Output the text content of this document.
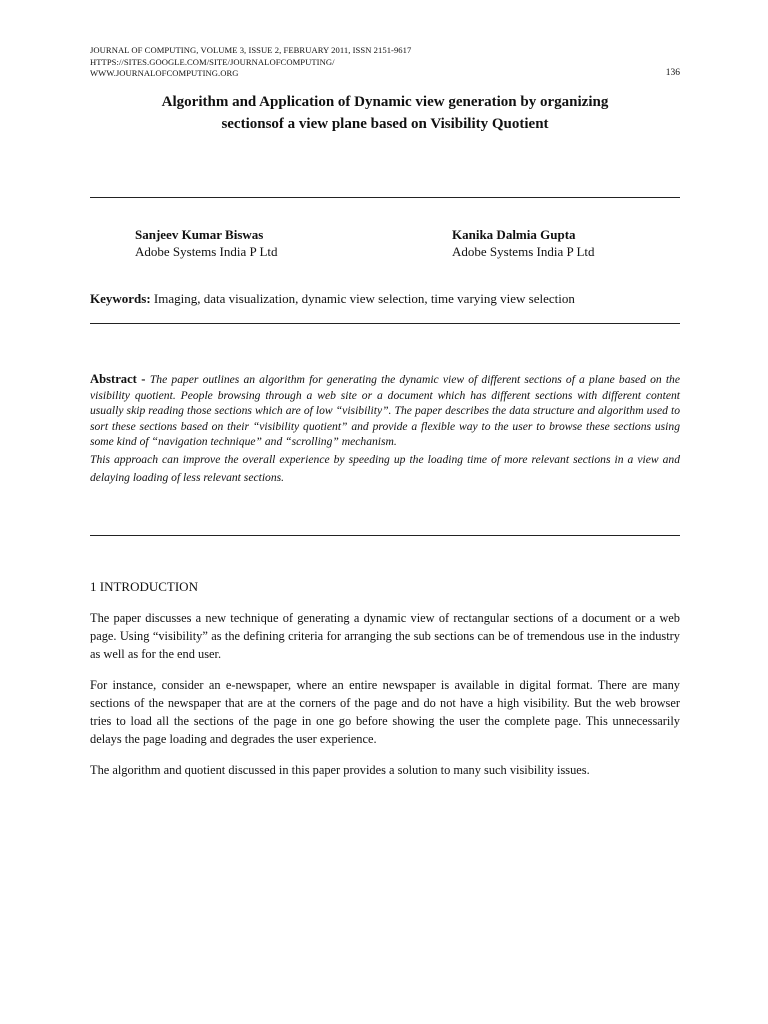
JOURNAL OF COMPUTING, VOLUME 3, ISSUE 2, FEBRUARY 2011, ISSN 2151-9617
HTTPS://SITES.GOOGLE.COM/SITE/JOURNALOFCOMPUTING/
WWW.JOURNALOFCOMPUTING.ORG	136
Algorithm and Application of Dynamic view generation by organizing
sectionsof a view plane based on Visibility Quotient
Sanjeev Kumar Biswas
Adobe Systems India P Ltd
Kanika Dalmia Gupta
Adobe Systems India P Ltd
Keywords: Imaging, data visualization, dynamic view selection, time varying view selection

Abstract - The paper outlines an algorithm for generating the dynamic view of different sections of a plane based on the visibility quotient. People browsing through a web site or a document which has different sections with different content usually skip reading those sections which are of low “visibility”. The paper describes the data structure and algorithm used to sort these sections based on their “visibility quotient” and provide a flexible way to the user to browse these sections using some kind of “navigation technique” and “scrolling” mechanism.

This approach can improve the overall experience by speeding up the loading time of more relevant sections in a view and delaying loading of less relevant sections.

1 INTRODUCTION

The paper discusses a new technique of generating a dynamic view of rectangular sections of a document or a web page. Using “visibility” as the defining criteria for arranging the sub sections can be of tremendous use in the industry as well as for the end user.

For instance, consider an e-newspaper, where an entire newspaper is available in digital format. There are many sections of the newspaper that are at the corners of the page and do not have a high visibility. But the web browser tries to load all the sections of the page in one go before showing the user the complete page. This unnecessarily delays the page loading and degrades the user experience.

The algorithm and quotient discussed in this paper provides a solution to many such visibility issues.
